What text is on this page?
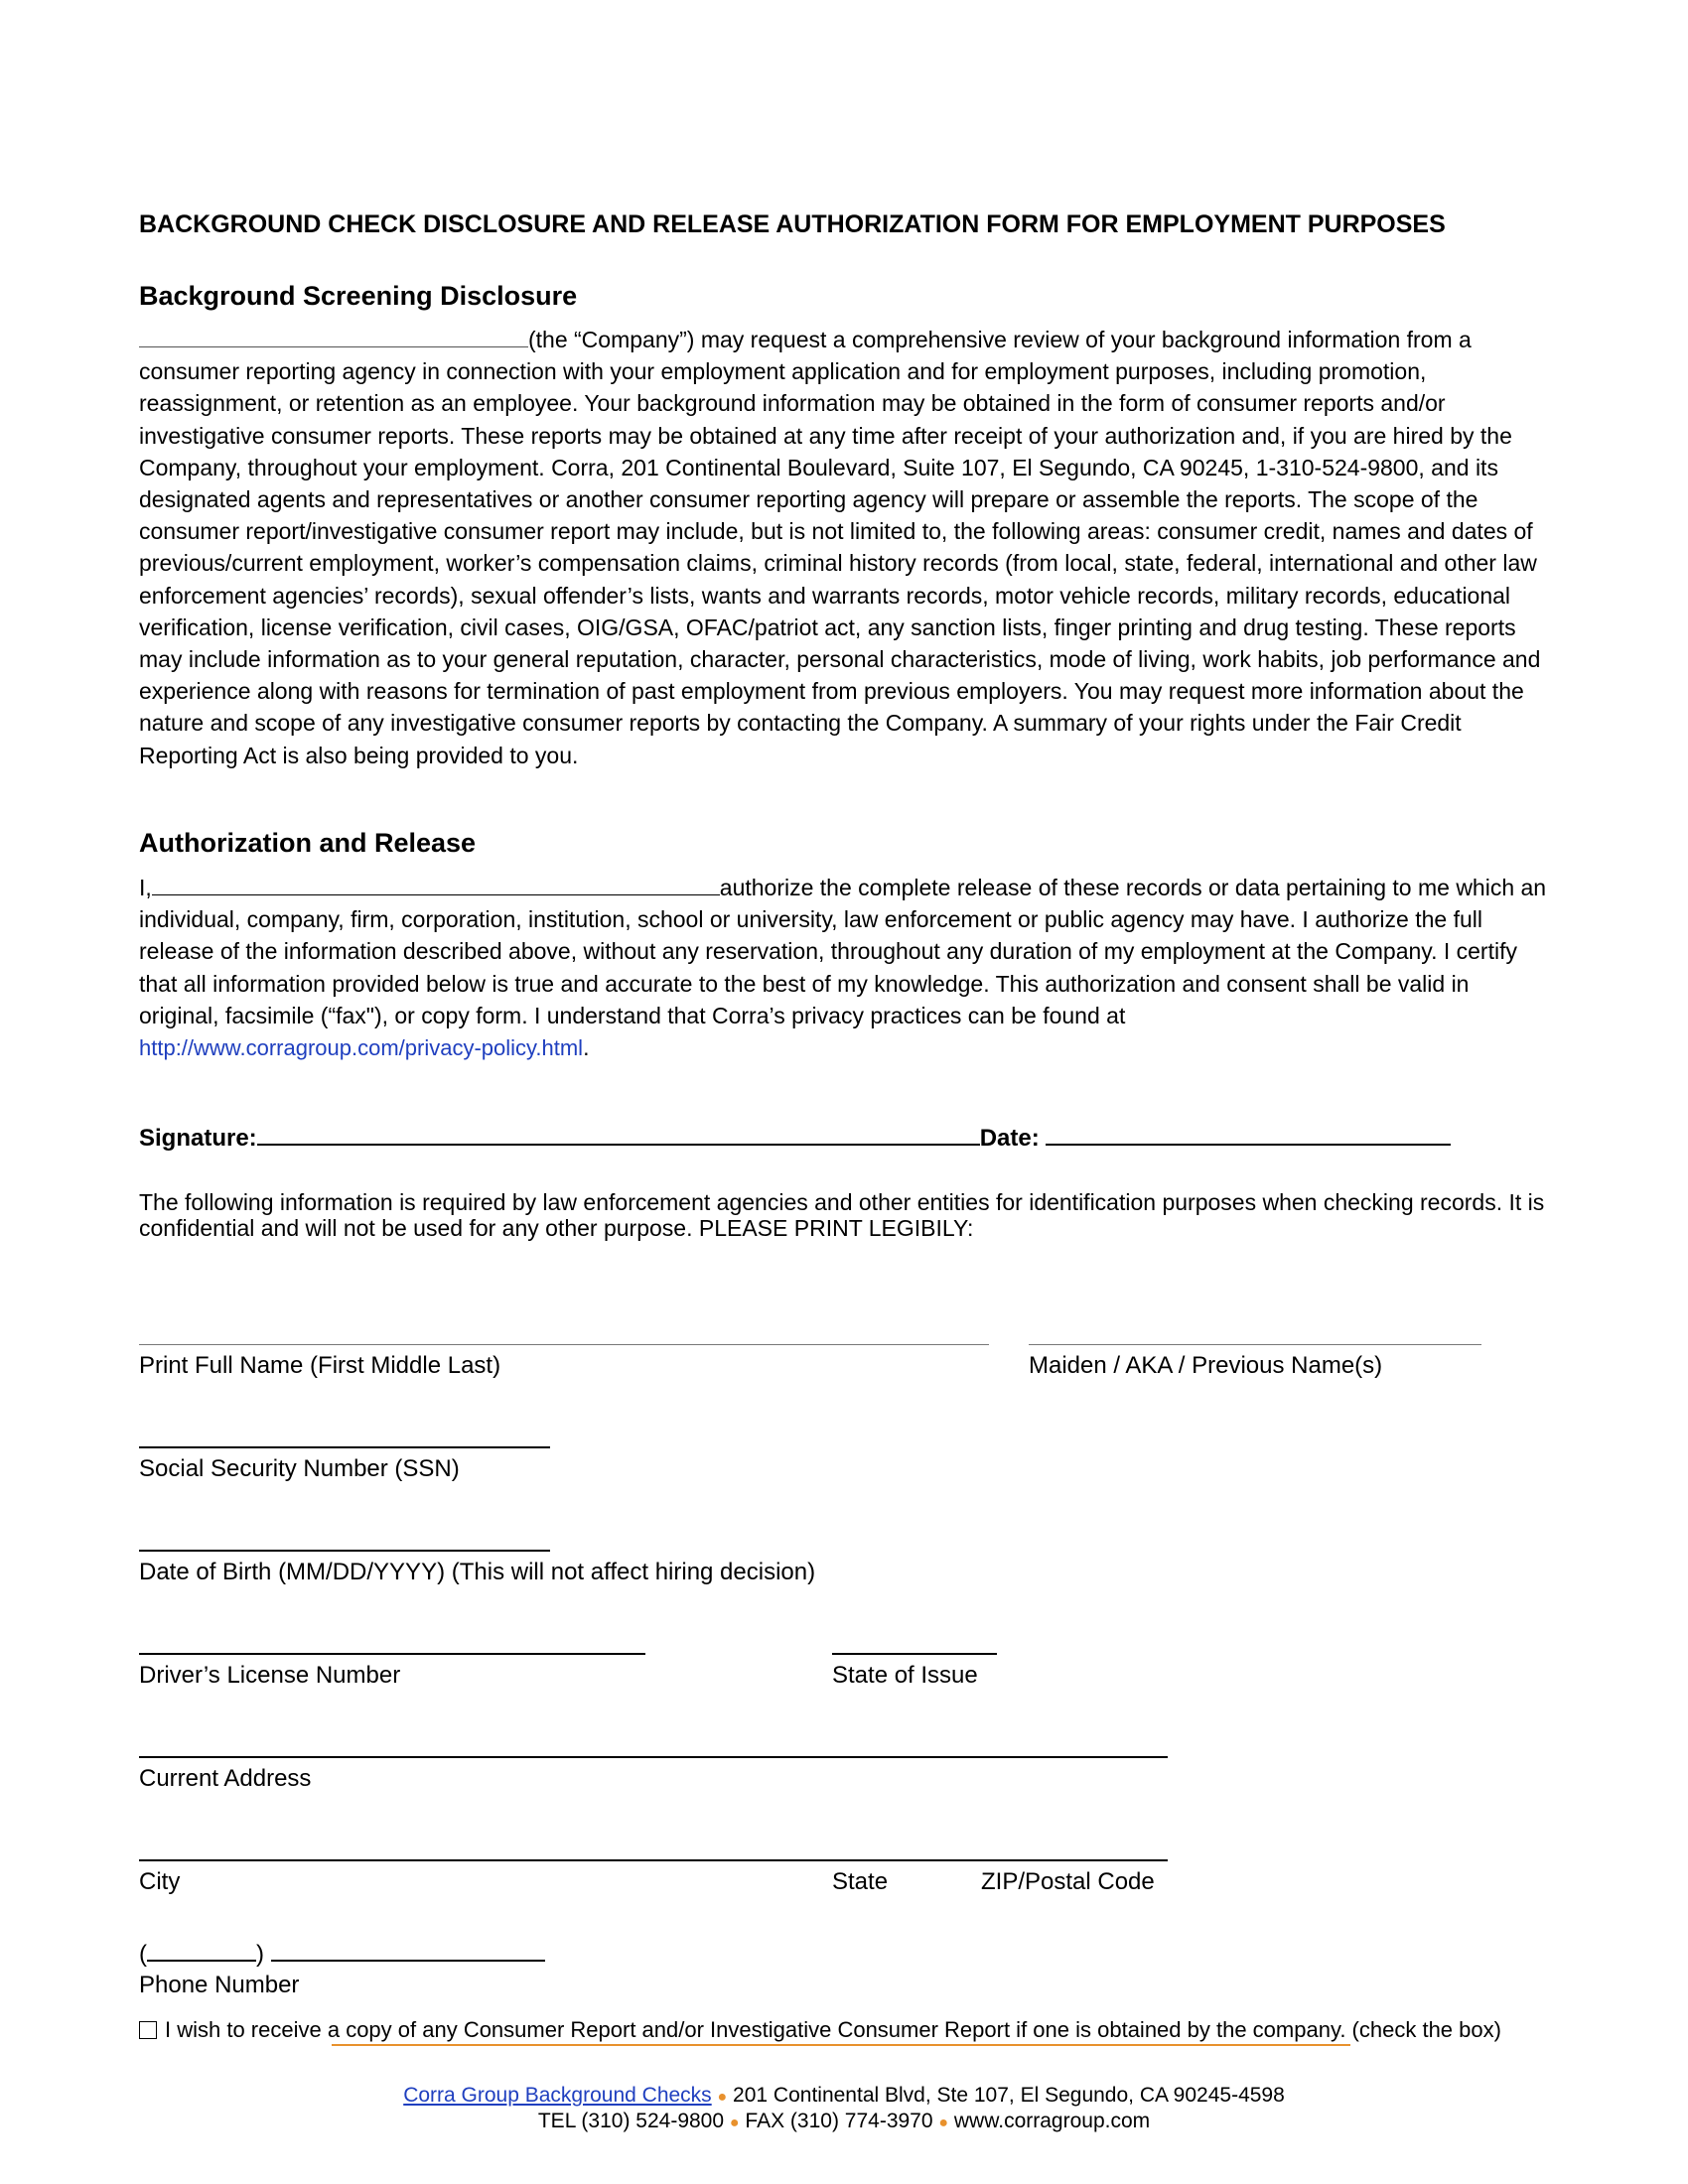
BACKGROUND CHECK DISCLOSURE AND RELEASE AUTHORIZATION FORM FOR EMPLOYMENT PURPOSES
Background Screening Disclosure
(the “Company”) may request a comprehensive review of your background information from a consumer reporting agency in connection with your employment application and for employment purposes, including promotion, reassignment, or retention as an employee. Your background information may be obtained in the form of consumer reports and/or investigative consumer reports. These reports may be obtained at any time after receipt of your authorization and, if you are hired by the Company, throughout your employment. Corra, 201 Continental Boulevard, Suite 107, El Segundo, CA 90245, 1‑310‑524‑9800, and its designated agents and representatives or another consumer reporting agency will prepare or assemble the reports. The scope of the consumer report/investigative consumer report may include, but is not limited to, the following areas: consumer credit, names and dates of previous/current employment, worker’s compensation claims, criminal history records (from local, state, federal, international and other law enforcement agencies’ records), sexual offender’s lists, wants and warrants records, motor vehicle records, military records, educational verification, license verification, civil cases, OIG/GSA, OFAC/patriot act, any sanction lists, finger printing and drug testing. These reports may include information as to your general reputation, character, personal characteristics, mode of living, work habits, job performance and experience along with reasons for termination of past employment from previous employers. You may request more information about the nature and scope of any investigative consumer reports by contacting the Company. A summary of your rights under the Fair Credit Reporting Act is also being provided to you.
Authorization and Release
I,	authorize the complete release of these records or data pertaining to me which an individual, company, firm, corporation, institution, school or university, law enforcement or public agency may have. I authorize the full release of the information described above, without any reservation, throughout any duration of my employment at the Company. I certify that all information provided below is true and accurate to the best of my knowledge. This authorization and consent shall be valid in original, facsimile (“fax"), or copy form. I understand that Corra’s privacy practices can be found at
http://www.corragroup.com/privacy-policy.html.
Signature:	Date:
The following information is required by law enforcement agencies and other entities for identification purposes when checking records. It is confidential and will not be used for any other purpose. PLEASE PRINT LEGIBILY:
Print Full Name (First Middle Last)	Maiden / AKA / Previous Name(s)
Social Security Number (SSN)
Date of Birth (MM/DD/YYYY) (This will not affect hiring decision)
Driver’s License Number	State of Issue
Current Address
City	State	ZIP/Postal Code
(	)
Phone Number
I wish to receive a copy of any Consumer Report and/or Investigative Consumer Report if one is obtained by the company. (check the box)
Corra Group Background Checks ● 201 Continental Blvd, Ste 107, El Segundo, CA 90245‑4598
TEL (310) 524‑9800 ● FAX (310) 774‑3970 ● www.corragroup.com
